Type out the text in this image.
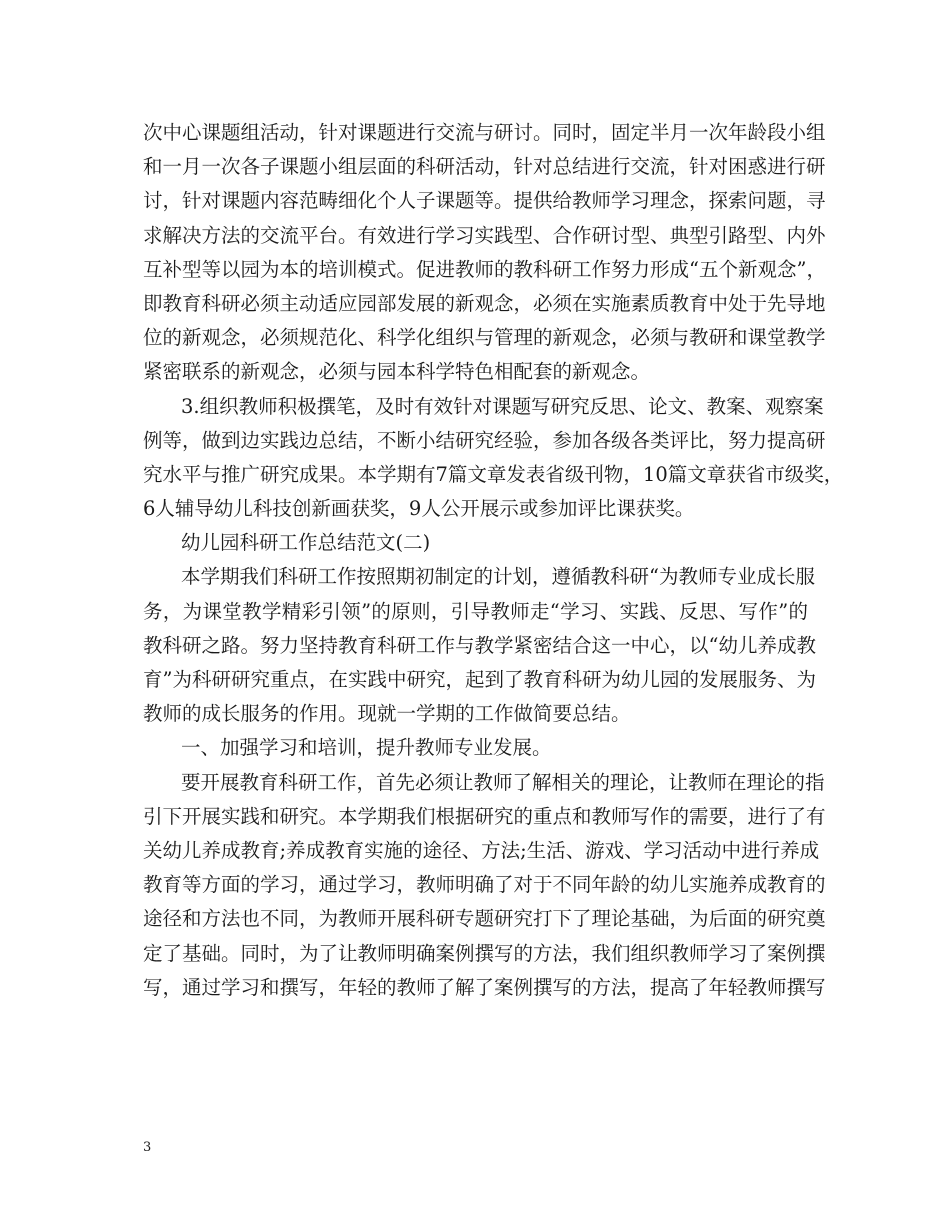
次中心课题组活动，针对课题进行交流与研讨。同时，固定半月一次年龄段小组
和一月一次各子课题小组层面的科研活动，针对总结进行交流，针对困惑进行研
讨，针对课题内容范畴细化个人子课题等。提供给教师学习理念，探索问题，寻
求解决方法的交流平台。有效进行学习实践型、合作研讨型、典型引路型、内外
互补型等以园为本的培训模式。促进教师的教科研工作努力形成“五个新观念”，
即教育科研必须主动适应园部发展的新观念，必须在实施素质教育中处于先导地
位的新观念，必须规范化、科学化组织与管理的新观念，必须与教研和课堂教学
紧密联系的新观念，必须与园本科学特色相配套的新观念。
3.组织教师积极撰笔，及时有效针对课题写研究反思、论文、教案、观察案
例等，做到边实践边总结，不断小结研究经验，参加各级各类评比，努力提高研
究水平与推广研究成果。本学期有7篇文章发表省级刊物，10篇文章获省市级奖，
6人辅导幼儿科技创新画获奖，9人公开展示或参加评比课获奖。
幼儿园科研工作总结范文(二)
本学期我们科研工作按照期初制定的计划，遵循教科研“为教师专业成长服
务，为课堂教学精彩引领”的原则，引导教师走“学习、实践、反思、写作”的
教科研之路。努力坚持教育科研工作与教学紧密结合这一中心，以“幼儿养成教
育”为科研研究重点，在实践中研究，起到了教育科研为幼儿园的发展服务、为
教师的成长服务的作用。现就一学期的工作做简要总结。
一、加强学习和培训，提升教师专业发展。
要开展教育科研工作，首先必须让教师了解相关的理论，让教师在理论的指
引下开展实践和研究。本学期我们根据研究的重点和教师写作的需要，进行了有
关幼儿养成教育;养成教育实施的途径、方法;生活、游戏、学习活动中进行养成
教育等方面的学习，通过学习，教师明确了对于不同年龄的幼儿实施养成教育的
途径和方法也不同，为教师开展科研专题研究打下了理论基础，为后面的研究奠
定了基础。同时，为了让教师明确案例撰写的方法，我们组织教师学习了案例撰
写，通过学习和撰写，年轻的教师了解了案例撰写的方法，提高了年轻教师撰写
3
